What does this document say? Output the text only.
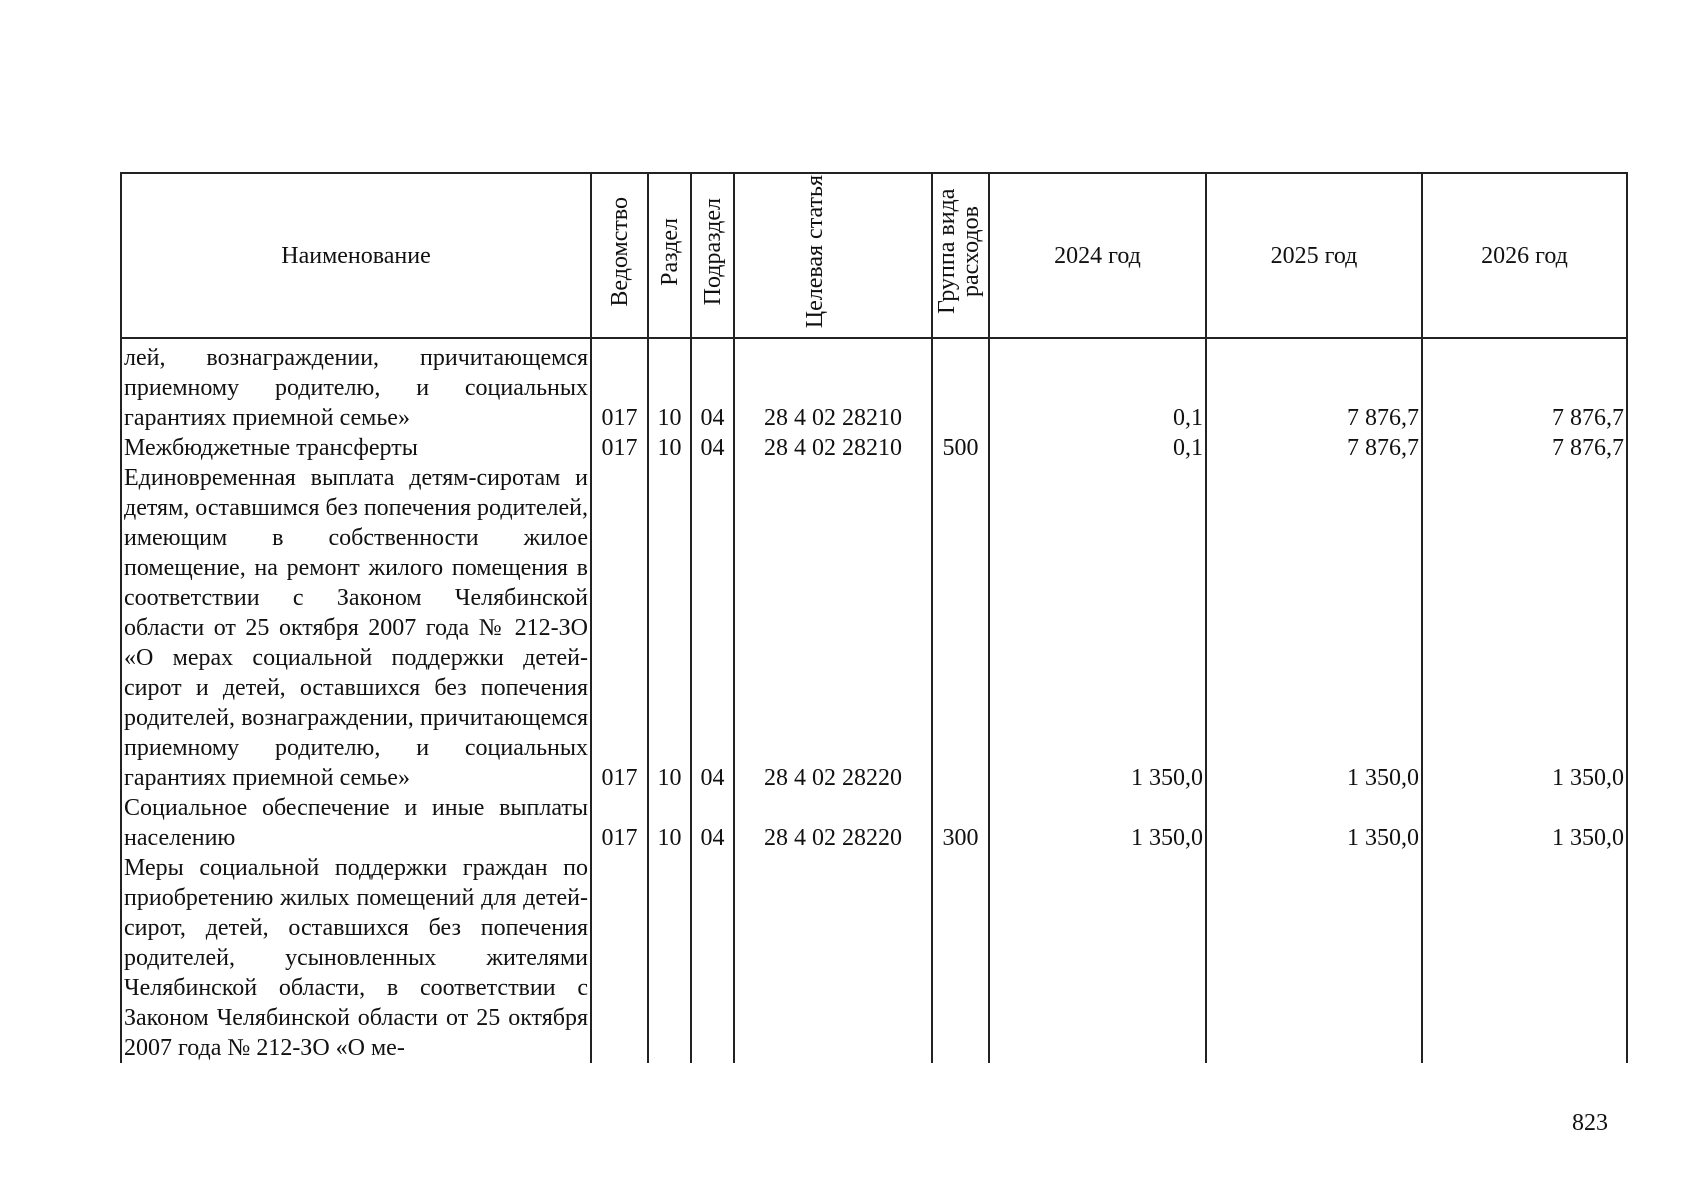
Наименование	Ведомство	Раздел	Подраздел	Целевая статья	Группа вида расходов	2024 год	2025 год	2026 год
лей, вознаграждении, причитающемся приемному родителю, и социальных гарантиях приемной семье»	017	10	04	28 4 02 28210		0,1	7 876,7	7 876,7
Межбюджетные трансферты	017	10	04	28 4 02 28210	500	0,1	7 876,7	7 876,7
Единовременная выплата детям-сиротам и детям, оставшимся без попечения родителей, имеющим в собственности жилое помещение, на ремонт жилого помещения в соответствии с Законом Челябинской области от 25 октября 2007 года № 212-ЗО «О мерах социальной поддержки детей-сирот и детей, оставшихся без попечения родителей, вознаграждении, причитающемся приемному родителю, и социальных гарантиях приемной семье»	017	10	04	28 4 02 28220		1 350,0	1 350,0	1 350,0
Социальное обеспечение и иные выплаты населению	017	10	04	28 4 02 28220	300	1 350,0	1 350,0	1 350,0
Меры социальной поддержки граждан по приобретению жилых помещений для детей-сирот, детей, оставшихся без попечения родителей, усыновленных жителями Челябинской области, в соответствии с Законом Челябинской области от 25 октября 2007 года № 212-ЗО «О ме-								
823
